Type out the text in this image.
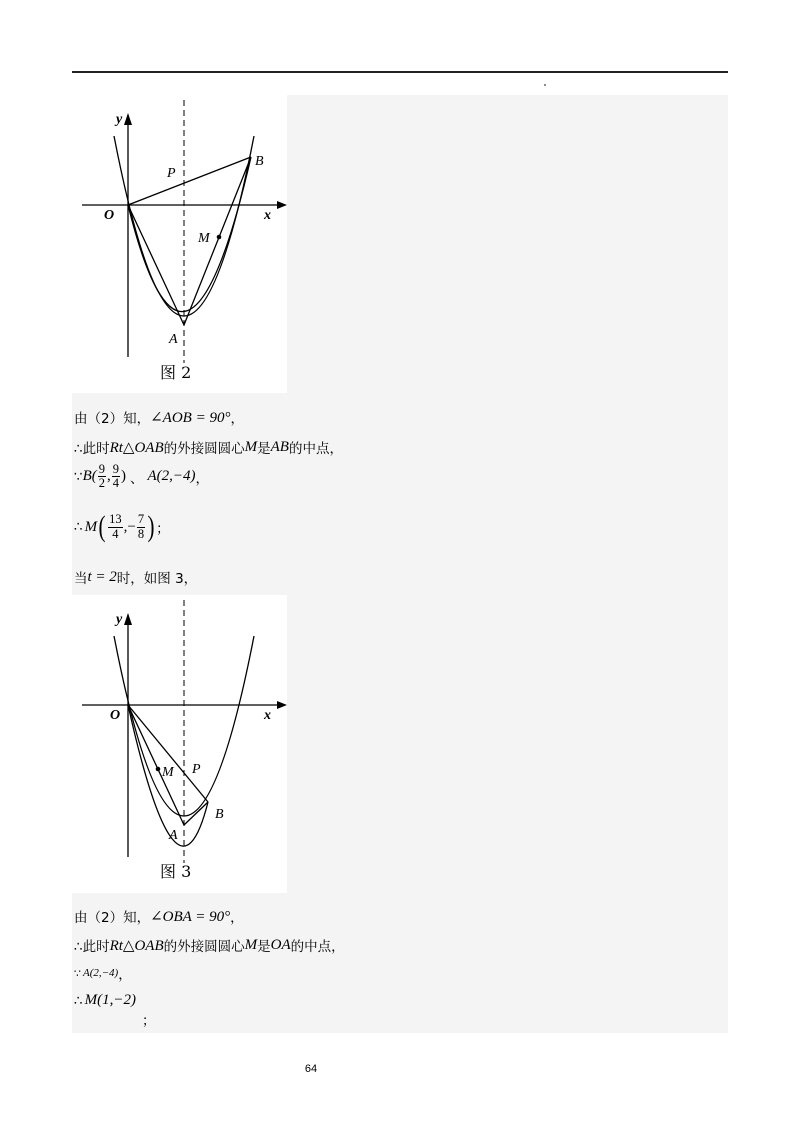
y
x
O
P
B
M
A
图 2
由（2）知， ∠AOB = 90° ，
∴此时 Rt△OAB 的外接圆圆心 M 是 AB 的中点，
∵ $B( \frac{9}{2}$ , $\frac{9}{4}$ ) 、 A(2,−4) ，
∴ M ( $\frac{13}{4}$ ,− $\frac{7}{8}$ ) ；
当 t = 2 时，如图 3，
y
x
O
M P
B
A
图 3
由（2）知， ∠OBA = 90° ，
∴此时 Rt△OAB 的外接圆圆心 M 是 OA 的中点，
∵ A(2,−4) ，
∴ M(1,−2)
；
64
